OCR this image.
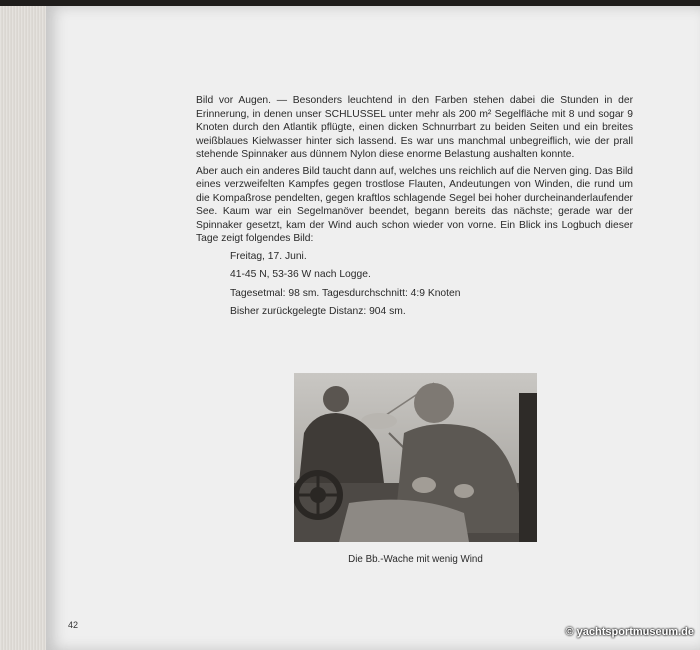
Bild vor Augen. — Besonders leuchtend in den Farben stehen dabei die Stunden in der Erinnerung, in denen unser SCHLUSSEL unter mehr als 200 m² Segelfläche mit 8 und sogar 9 Knoten durch den Atlantik pflügte, einen dicken Schnurrbart zu beiden Seiten und ein breites weißblaues Kielwasser hinter sich lassend. Es war uns manchmal unbegreiflich, wie der prall stehende Spinnaker aus dünnem Nylon diese enorme Belastung aushalten konnte.

Aber auch ein anderes Bild taucht dann auf, welches uns reichlich auf die Nerven ging. Das Bild eines verzweifelten Kampfes gegen trostlose Flauten, Andeutungen von Winden, die rund um die Kompaßrose pendelten, gegen kraftlos schlagende Segel bei hoher durcheinanderlaufender See. Kaum war ein Segelmanöver beendet, begann bereits das nächste; gerade war der Spinnaker gesetzt, kam der Wind auch schon wieder von vorne. Ein Blick ins Logbuch dieser Tage zeigt folgendes Bild:

Freitag, 17. Juni.
41-45 N, 53-36 W nach Logge.
Tagesetmal: 98 sm. Tagesdurchschnitt: 4:9 Knoten
Bisher zurückgelegte Distanz: 904 sm.
Die Bb.-Wache mit wenig Wind
42
© yachtsportmuseum.de
